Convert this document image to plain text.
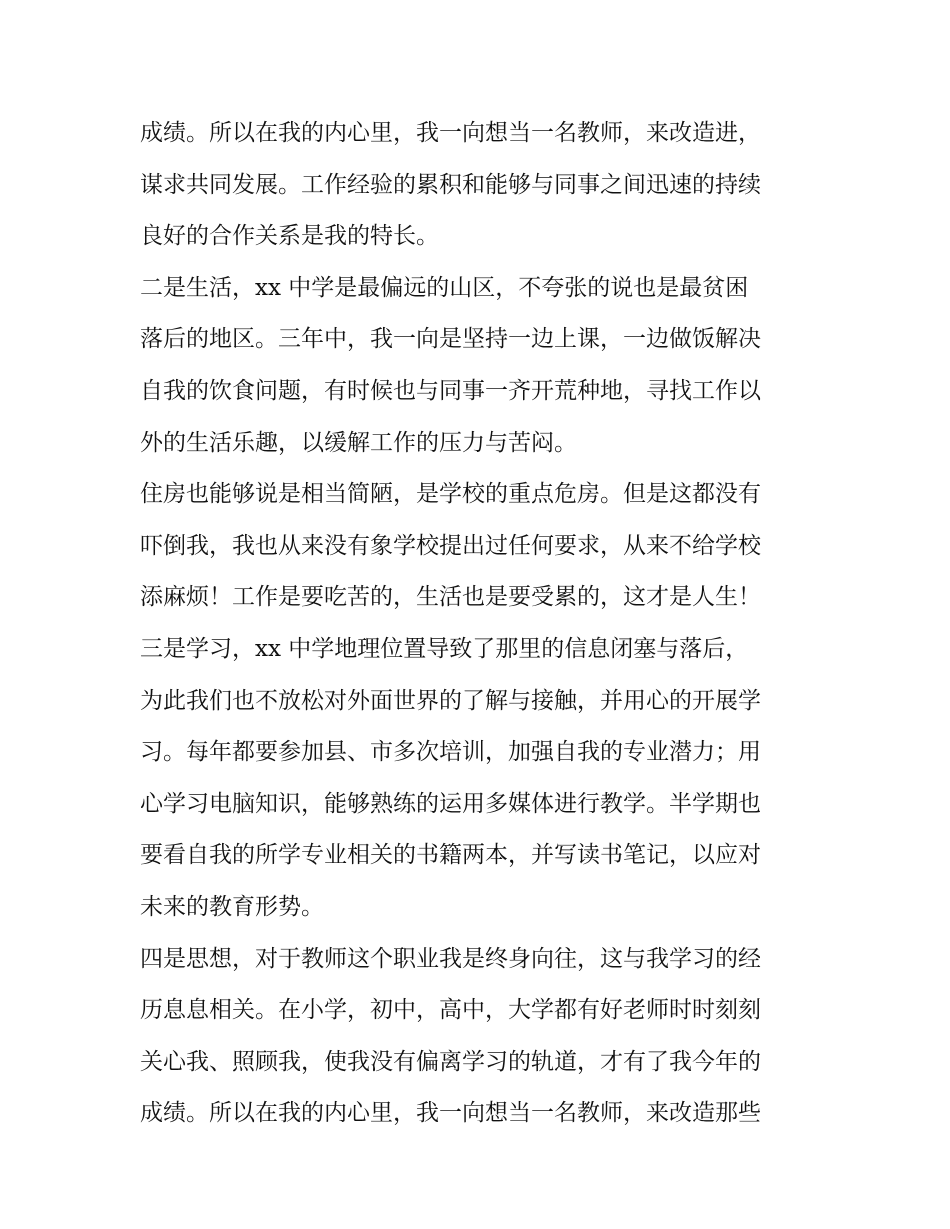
成绩。所以在我的内心里，我一向想当一名教师，来改造进，
谋求共同发展。工作经验的累积和能够与同事之间迅速的持续
良好的合作关系是我的特长。
二是生活，xx 中学是最偏远的山区，不夸张的说也是最贫困
落后的地区。三年中，我一向是坚持一边上课，一边做饭解决
自我的饮食问题，有时候也与同事一齐开荒种地，寻找工作以
外的生活乐趣，以缓解工作的压力与苦闷。
住房也能够说是相当简陋，是学校的重点危房。但是这都没有
吓倒我，我也从来没有象学校提出过任何要求，从来不给学校
添麻烦！工作是要吃苦的，生活也是要受累的，这才是人生！
三是学习，xx 中学地理位置导致了那里的信息闭塞与落后，
为此我们也不放松对外面世界的了解与接触，并用心的开展学
习。每年都要参加县、市多次培训，加强自我的专业潜力；用
心学习电脑知识，能够熟练的运用多媒体进行教学。半学期也
要看自我的所学专业相关的书籍两本，并写读书笔记，以应对
未来的教育形势。
四是思想，对于教师这个职业我是终身向往，这与我学习的经
历息息相关。在小学，初中，高中，大学都有好老师时时刻刻
关心我、照顾我，使我没有偏离学习的轨道，才有了我今年的
成绩。所以在我的内心里，我一向想当一名教师，来改造那些
